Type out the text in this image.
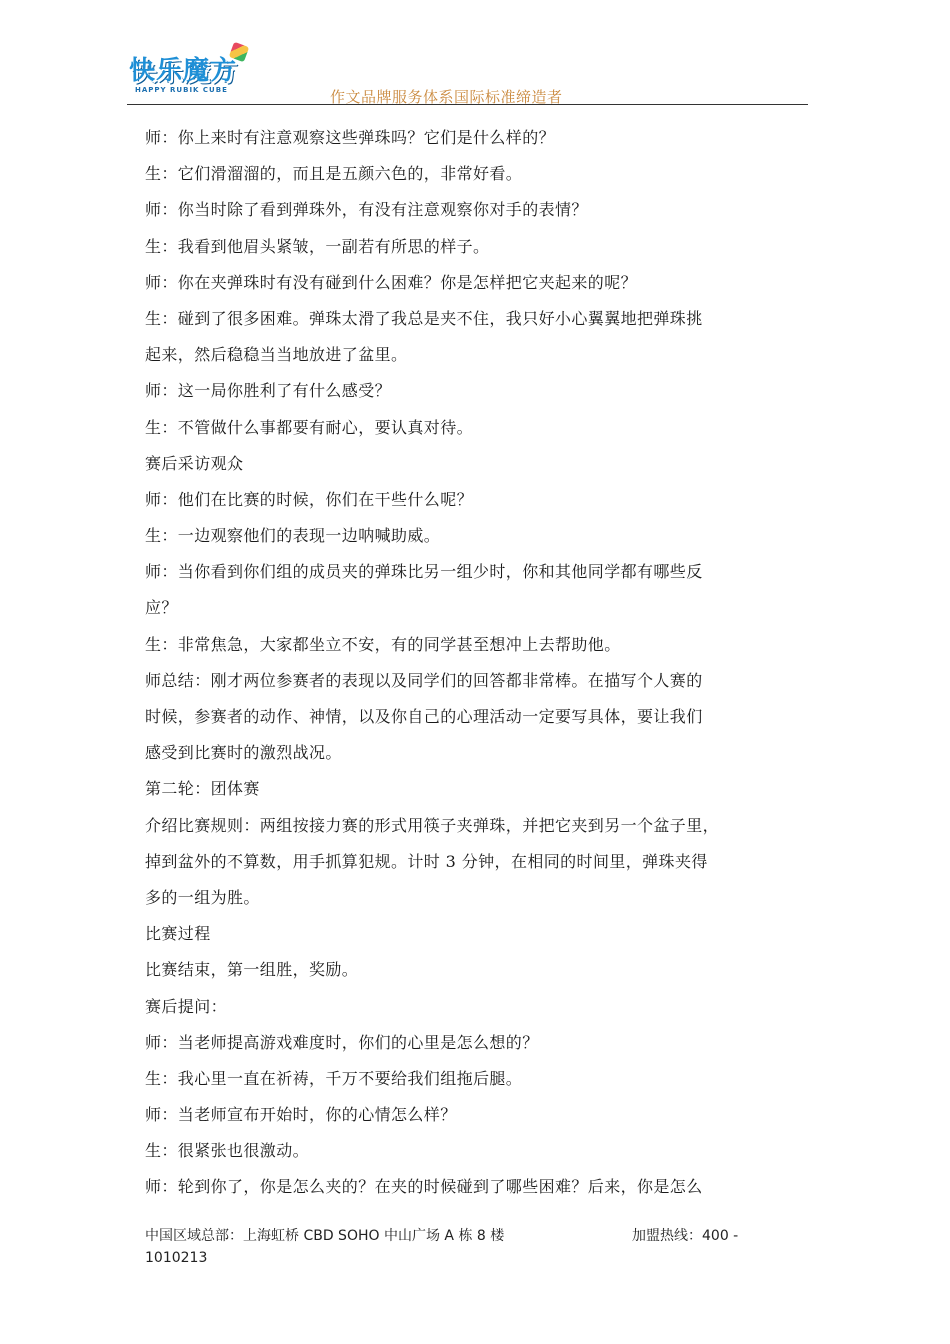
快乐魔方
HAPPY RUBIK CUBE	作文品牌服务体系国际标准缔造者
师：你上来时有注意观察这些弹珠吗？它们是什么样的？
生：它们滑溜溜的，而且是五颜六色的，非常好看。
师：你当时除了看到弹珠外，有没有注意观察你对手的表情？
生：我看到他眉头紧皱，一副若有所思的样子。
师：你在夹弹珠时有没有碰到什么困难？你是怎样把它夹起来的呢？
生：碰到了很多困难。弹珠太滑了我总是夹不住，我只好小心翼翼地把弹珠挑
起来，然后稳稳当当地放进了盆里。
师：这一局你胜利了有什么感受？
生：不管做什么事都要有耐心，要认真对待。
赛后采访观众
师：他们在比赛的时候，你们在干些什么呢？
生：一边观察他们的表现一边呐喊助威。
师：当你看到你们组的成员夹的弹珠比另一组少时，你和其他同学都有哪些反
应？
生：非常焦急，大家都坐立不安，有的同学甚至想冲上去帮助他。
师总结：刚才两位参赛者的表现以及同学们的回答都非常棒。在描写个人赛的
时候，参赛者的动作、神情，以及你自己的心理活动一定要写具体，要让我们
感受到比赛时的激烈战况。
第二轮：团体赛
介绍比赛规则：两组按接力赛的形式用筷子夹弹珠，并把它夹到另一个盆子里，
掉到盆外的不算数，用手抓算犯规。计时 3 分钟，在相同的时间里，弹珠夹得
多的一组为胜。
比赛过程
比赛结束，第一组胜，奖励。
赛后提问：
师：当老师提高游戏难度时，你们的心里是怎么想的？
生：我心里一直在祈祷，千万不要给我们组拖后腿。
师：当老师宣布开始时，你的心情怎么样？
生：很紧张也很激动。
师：轮到你了，你是怎么夹的？在夹的时候碰到了哪些困难？后来，你是怎么
中国区域总部：上海虹桥 CBD SOHO 中山广场 A 栋 8 楼	加盟热线：400 -
1010213
